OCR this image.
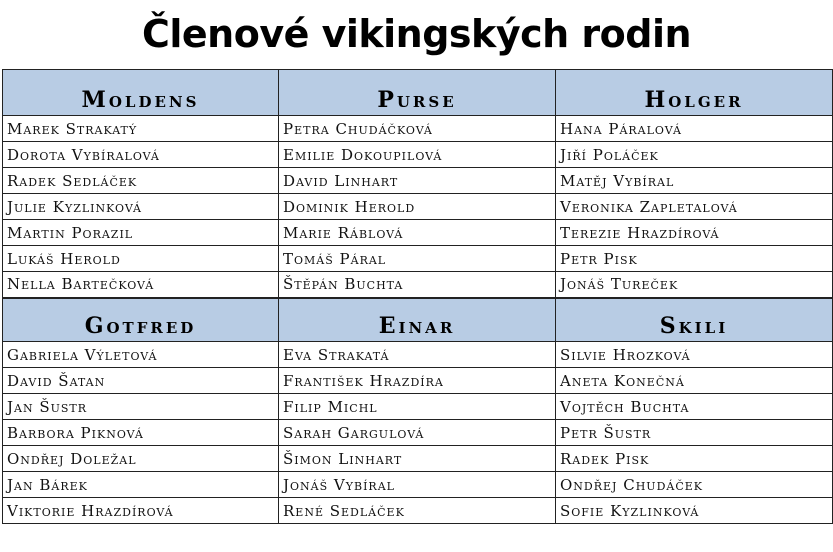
Členové vikingských rodin
Moldens	Purse	Holger
Marek Strakatý	Petra Chudáčková	Hana Páralová
Dorota Vybíralová	Emilie Dokoupilová	Jiří Poláček
Radek Sedláček	David Linhart	Matěj Vybíral
Julie Kyzlinková	Dominik Herold	Veronika Zapletalová
Martin Porazil	Marie Ráblová	Terezie Hrazdírová
Lukáš Herold	Tomáš Páral	Petr Pisk
Nella Bartečková	Štěpán Buchta	Jonáš Tureček
Gotfred	Einar	Skili
Gabriela Výletová	Eva Strakatá	Silvie Hrozková
David Šatan	František Hrazdíra	Aneta Konečná
Jan Šustr	Filip Michl	Vojtěch Buchta
Barbora Piknová	Sarah Gargulová	Petr Šustr
Ondřej Doležal	Šimon Linhart	Radek Pisk
Jan Bárek	Jonáš Vybíral	Ondřej Chudáček
Viktorie Hrazdírová	René Sedláček	Sofie Kyzlinková
